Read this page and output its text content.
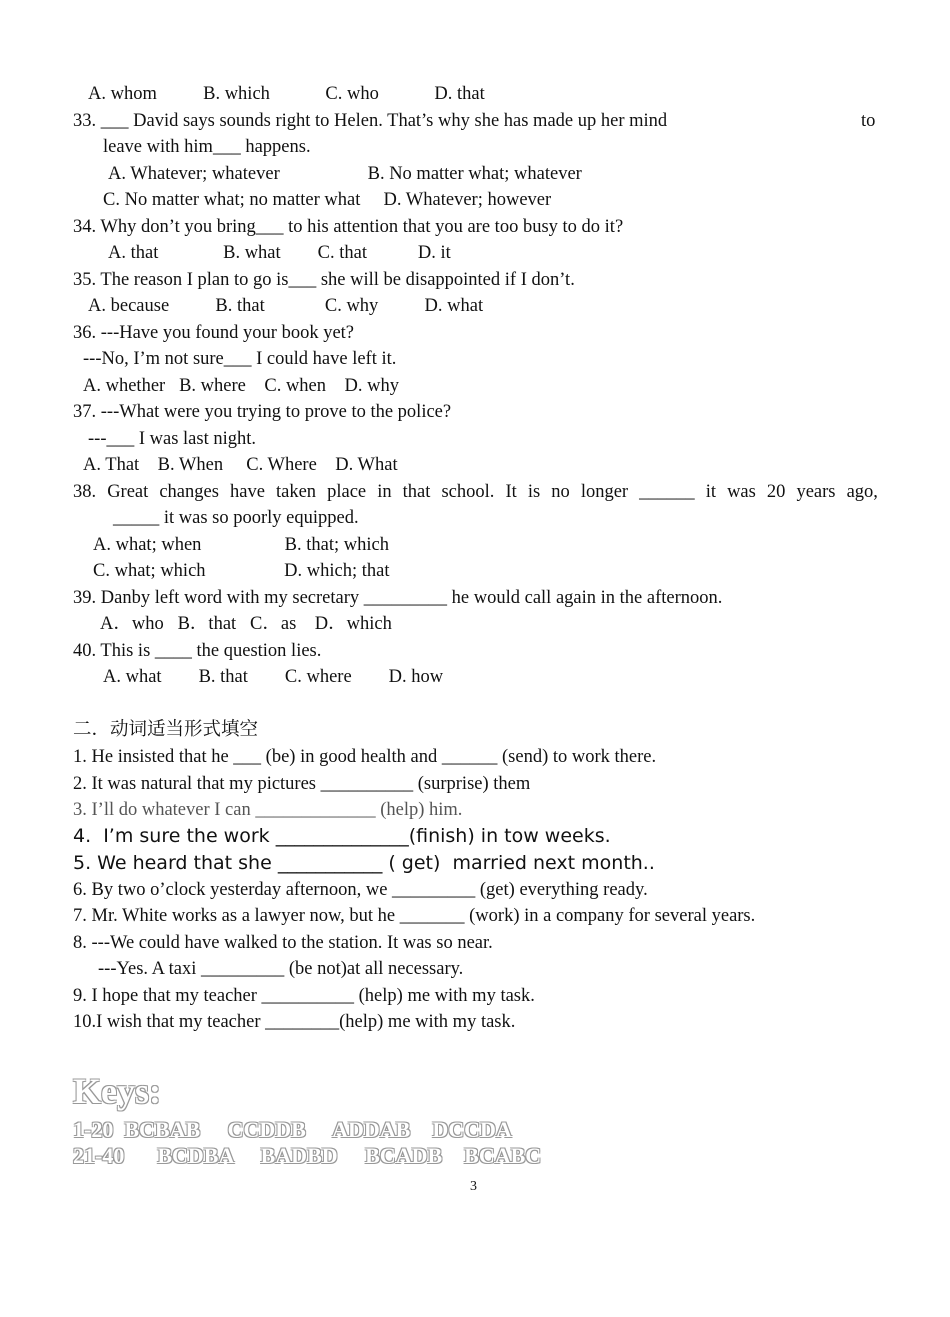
A. whom          B. which            C. who            D. that
33. ___ David says sounds right to Helen. That’s why she has made up her mind	to
leave with him___ happens.
A. Whatever; whatever                   B. No matter what; whatever
C. No matter what; no matter what     D. Whatever; however
34. Why don’t you bring___ to his attention that you are too busy to do it?
A. that              B. what        C. that           D. it
35. The reason I plan to go is___ she will be disappointed if I don’t.
A. because          B. that             C. why          D. what
36. ---Have you found your book yet?
---No, I’m not sure___ I could have left it.
A. whether   B. where    C. when    D. why
37. ---What were you trying to prove to the police?
---___ I was last night.
A. That    B. When     C. Where    D. What
38. Great changes have taken place in that school. It is no longer ______ it was 20 years ago,
_____ it was so poorly equipped.
A. what; when                  B. that; which
C. what; which                 D. which; that
39. Danby left word with my secretary _________ he would call again in the afternoon.
A．who   B．that   C．as    D．which
40. This is ____ the question lies.
A. what        B. that        C. where        D. how
二．动词适当形式填空
1. He insisted that he ___ (be) in good health and ______ (send) to work there.
2. It was natural that my pictures __________ (surprise) them
3. I’ll do whatever I can _____________ (help) him.
4.  I’m sure the work ______________(finish) in tow weeks.
5. We heard that she ___________ ( get)  married next month..
6. By two o’clock yesterday afternoon, we _________ (get) everything ready.
7. Mr. White works as a lawyer now, but he _______ (work) in a company for several years.
8. ---We could have walked to the station. It was so near.
---Yes. A taxi _________ (be not)at all necessary.
9. I hope that my teacher __________ (help) me with my task.
10.I wish that my teacher ________(help) me with my task.
Keys:
1-20  BCBAB     CCDDB     ADDAB    DCCDA
21-40      BCDBA     BADBD     BCADB    BCABC
3
